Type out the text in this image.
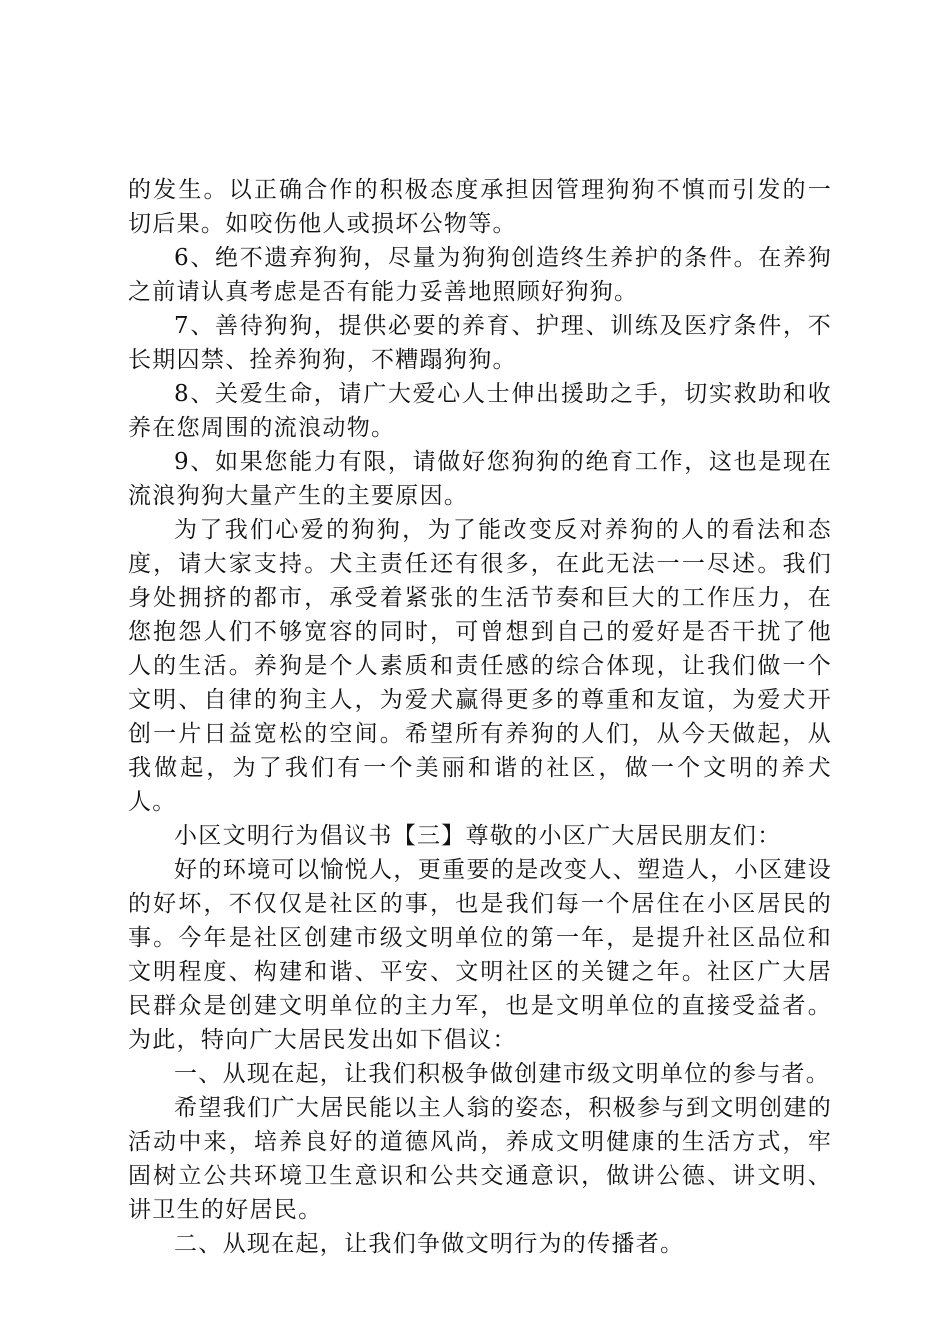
的发生。以正确合作的积极态度承担因管理狗狗不慎而引发的一切后果。如咬伤他人或损坏公物等。

6、绝不遗弃狗狗，尽量为狗狗创造终生养护的条件。在养狗之前请认真考虑是否有能力妥善地照顾好狗狗。

7、善待狗狗，提供必要的养育、护理、训练及医疗条件，不长期囚禁、拴养狗狗，不糟蹋狗狗。

8、关爱生命，请广大爱心人士伸出援助之手，切实救助和收养在您周围的流浪动物。

9、如果您能力有限，请做好您狗狗的绝育工作，这也是现在流浪狗狗大量产生的主要原因。

为了我们心爱的狗狗，为了能改变反对养狗的人的看法和态度，请大家支持。犬主责任还有很多，在此无法一一尽述。我们身处拥挤的都市，承受着紧张的生活节奏和巨大的工作压力，在您抱怨人们不够宽容的同时，可曾想到自己的爱好是否干扰了他人的生活。养狗是个人素质和责任感的综合体现，让我们做一个文明、自律的狗主人，为爱犬赢得更多的尊重和友谊，为爱犬开创一片日益宽松的空间。希望所有养狗的人们，从今天做起，从我做起，为了我们有一个美丽和谐的社区，做一个文明的养犬人。

小区文明行为倡议书【三】尊敬的小区广大居民朋友们：

好的环境可以愉悦人，更重要的是改变人、塑造人，小区建设的好坏，不仅仅是社区的事，也是我们每一个居住在小区居民的事。今年是社区创建市级文明单位的第一年，是提升社区品位和文明程度、构建和谐、平安、文明社区的关键之年。社区广大居民群众是创建文明单位的主力军，也是文明单位的直接受益者。为此，特向广大居民发出如下倡议：

一、从现在起，让我们积极争做创建市级文明单位的参与者。

希望我们广大居民能以主人翁的姿态，积极参与到文明创建的活动中来，培养良好的道德风尚，养成文明健康的生活方式，牢固树立公共环境卫生意识和公共交通意识，做讲公德、讲文明、讲卫生的好居民。

二、从现在起，让我们争做文明行为的传播者。
